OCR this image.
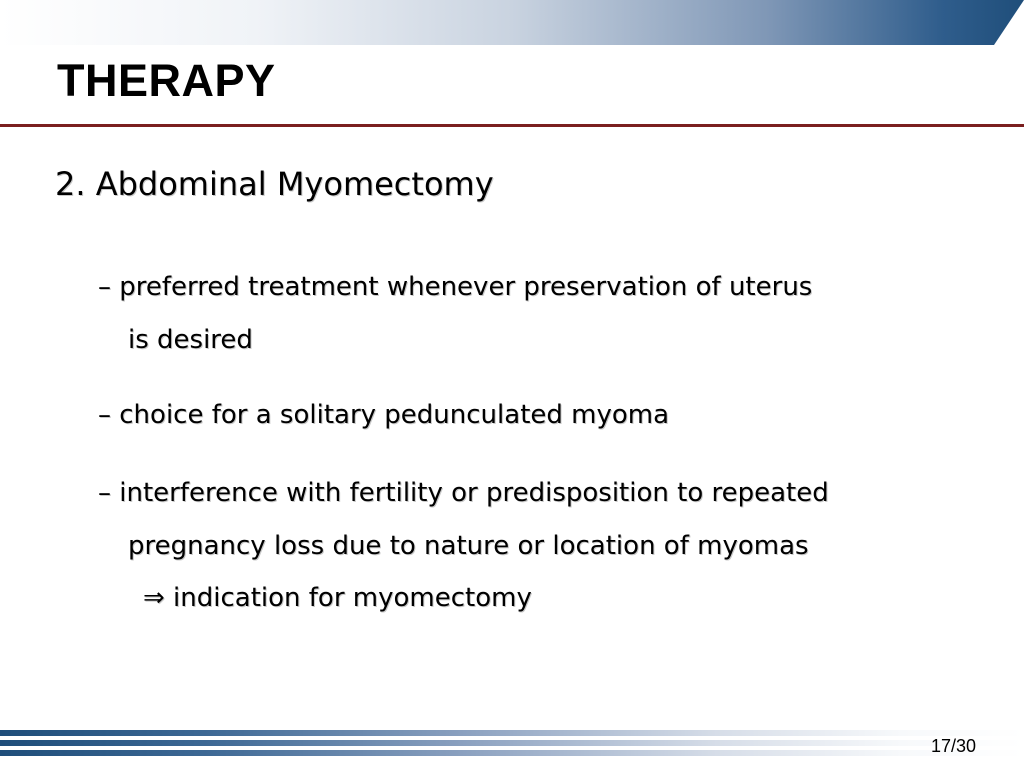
THERAPY
2. Abdominal Myomectomy
– preferred treatment whenever preservation of uterus
is desired
– choice for a solitary pedunculated myoma
– interference with fertility or predisposition to repeated
pregnancy loss due to nature or location of myomas
⇒ indication for myomectomy
17/30
